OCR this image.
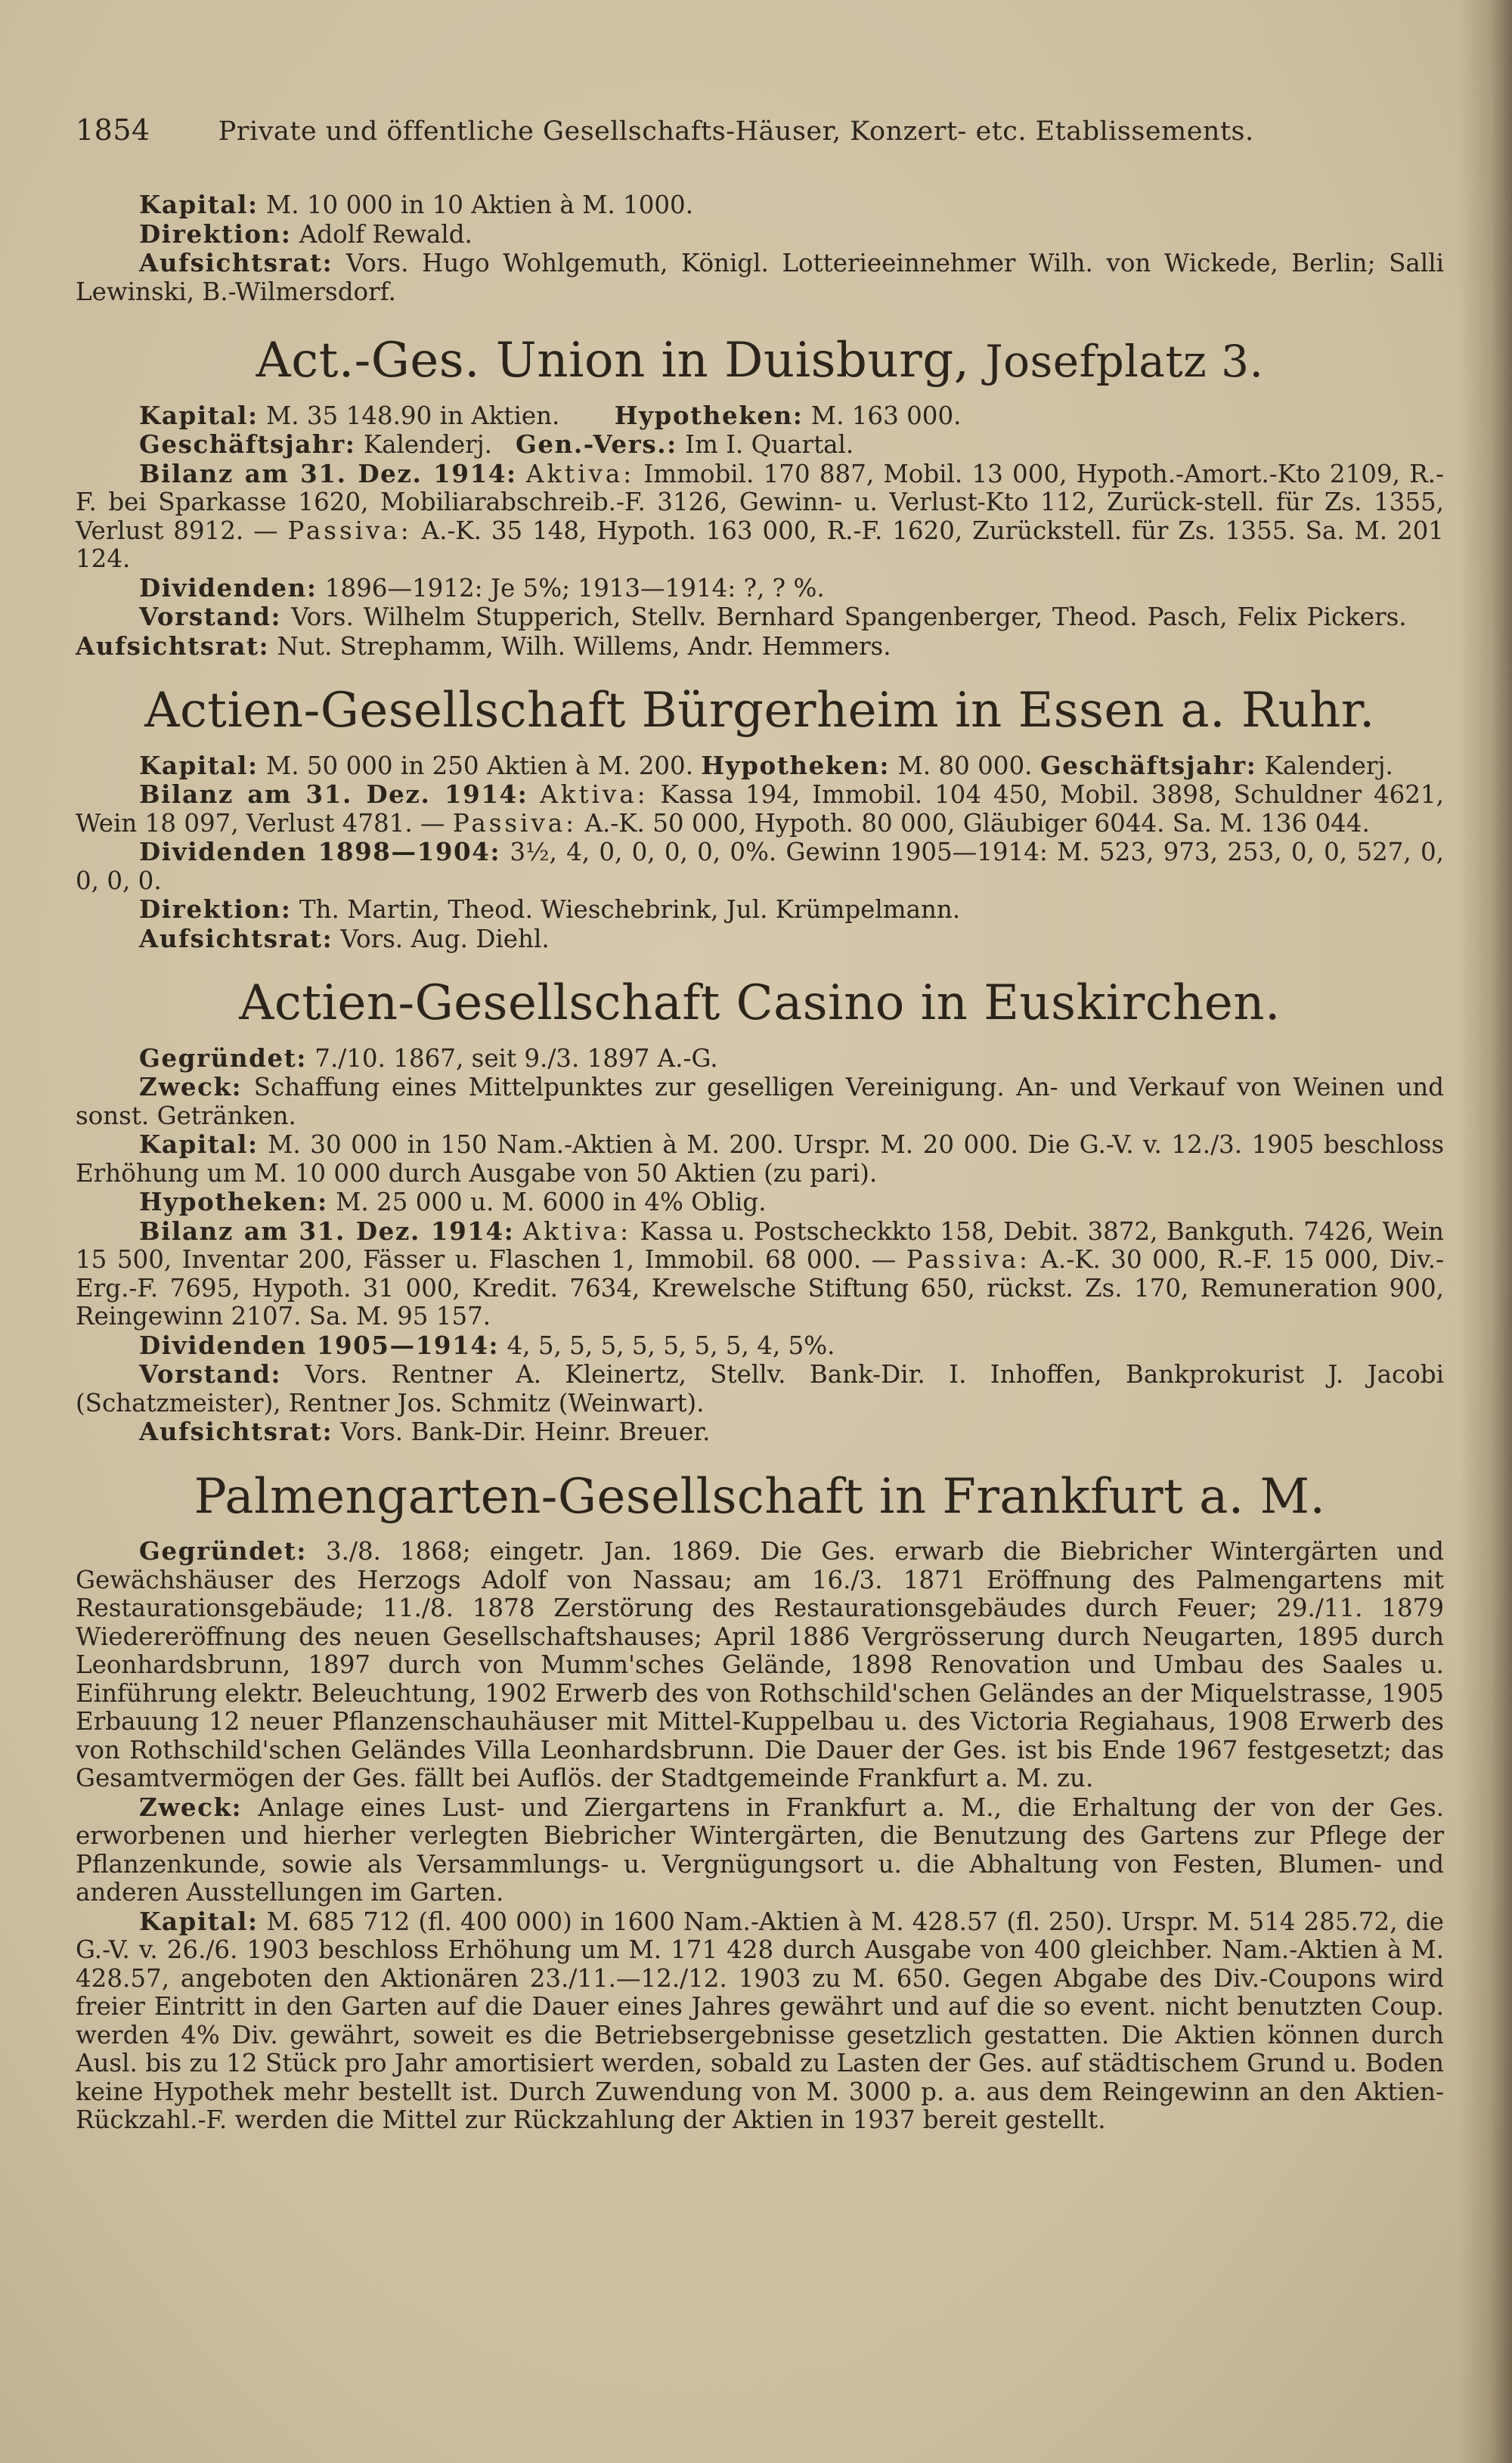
1854	Private und öffentliche Gesellschafts-Häuser, Konzert- etc. Etablissements.

Kapital: M. 10 000 in 10 Aktien à M. 1000.

Direktion: Adolf Rewald.

Aufsichtsrat: Vors. Hugo Wohlgemuth, Königl. Lotterieeinnehmer Wilh. von Wickede, Berlin; Salli Lewinski, B.-Wilmersdorf.

Act.-Ges. Union in Duisburg, Josefplatz 3.

Kapital: M. 35 148.90 in Aktien. Hypotheken: M. 163 000.

Geschäftsjahr: Kalenderj. Gen.-Vers.: Im I. Quartal.

Bilanz am 31. Dez. 1914: Aktiva: Immobil. 170 887, Mobil. 13 000, Hypoth.-Amort.-Kto 2109, R.-F. bei Sparkasse 1620, Mobiliarabschreib.-F. 3126, Gewinn- u. Verlust-Kto 112, Zurück-stell. für Zs. 1355, Verlust 8912. — Passiva: A.-K. 35 148, Hypoth. 163 000, R.-F. 1620, Zurückstell. für Zs. 1355. Sa. M. 201 124.

Dividenden: 1896—1912: Je 5%; 1913—1914: ?, ? %.

Vorstand: Vors. Wilhelm Stupperich, Stellv. Bernhard Spangenberger, Theod. Pasch, Felix Pickers.     Aufsichtsrat: Nut. Strephamm, Wilh. Willems, Andr. Hemmers.

Actien-Gesellschaft Bürgerheim in Essen a. Ruhr.

Kapital: M. 50 000 in 250 Aktien à M. 200. Hypotheken: M. 80 000. Geschäftsjahr: Kalenderj.

Bilanz am 31. Dez. 1914: Aktiva: Kassa 194, Immobil. 104 450, Mobil. 3898, Schuldner 4621, Wein 18 097, Verlust 4781. — Passiva: A.-K. 50 000, Hypoth. 80 000, Gläubiger 6044. Sa. M. 136 044.

Dividenden 1898—1904: 3½, 4, 0, 0, 0, 0, 0%. Gewinn 1905—1914: M. 523, 973, 253, 0, 0, 527, 0, 0, 0, 0.

Direktion: Th. Martin, Theod. Wieschebrink, Jul. Krümpelmann.

Aufsichtsrat: Vors. Aug. Diehl.

Actien-Gesellschaft Casino in Euskirchen.

Gegründet: 7./10. 1867, seit 9./3. 1897 A.-G.

Zweck: Schaffung eines Mittelpunktes zur geselligen Vereinigung. An- und Verkauf von Weinen und sonst. Getränken.

Kapital: M. 30 000 in 150 Nam.-Aktien à M. 200. Urspr. M. 20 000. Die G.-V. v. 12./3. 1905 beschloss Erhöhung um M. 10 000 durch Ausgabe von 50 Aktien (zu pari).

Hypotheken: M. 25 000 u. M. 6000 in 4% Oblig.

Bilanz am 31. Dez. 1914: Aktiva: Kassa u. Postscheckkto 158, Debit. 3872, Bankguth. 7426, Wein 15 500, Inventar 200, Fässer u. Flaschen 1, Immobil. 68 000. — Passiva: A.-K. 30 000, R.-F. 15 000, Div.-Erg.-F. 7695, Hypoth. 31 000, Kredit. 7634, Krewelsche Stiftung 650, rückst. Zs. 170, Remuneration 900, Reingewinn 2107. Sa. M. 95 157.

Dividenden 1905—1914: 4, 5, 5, 5, 5, 5, 5, 5, 4, 5%.

Vorstand: Vors. Rentner A. Kleinertz, Stellv. Bank-Dir. I. Inhoffen, Bankprokurist J. Jacobi (Schatzmeister), Rentner Jos. Schmitz (Weinwart).

Aufsichtsrat: Vors. Bank-Dir. Heinr. Breuer.

Palmengarten-Gesellschaft in Frankfurt a. M.

Gegründet: 3./8. 1868; eingetr. Jan. 1869. Die Ges. erwarb die Biebricher Wintergärten und Gewächshäuser des Herzogs Adolf von Nassau; am 16./3. 1871 Eröffnung des Palmengartens mit Restaurationsgebäude; 11./8. 1878 Zerstörung des Restaurationsgebäudes durch Feuer; 29./11. 1879 Wiedereröffnung des neuen Gesellschaftshauses; April 1886 Vergrösserung durch Neugarten, 1895 durch Leonhardsbrunn, 1897 durch von Mumm'sches Gelände, 1898 Renovation und Umbau des Saales u. Einführung elektr. Beleuchtung, 1902 Erwerb des von Rothschild'schen Geländes an der Miquelstrasse, 1905 Erbauung 12 neuer Pflanzenschauhäuser mit Mittel-Kuppelbau u. des Victoria Regiahaus, 1908 Erwerb des von Rothschild'schen Geländes Villa Leonhardsbrunn. Die Dauer der Ges. ist bis Ende 1967 festgesetzt; das Gesamtvermögen der Ges. fällt bei Auflös. der Stadtgemeinde Frankfurt a. M. zu.

Zweck: Anlage eines Lust- und Ziergartens in Frankfurt a. M., die Erhaltung der von der Ges. erworbenen und hierher verlegten Biebricher Wintergärten, die Benutzung des Gartens zur Pflege der Pflanzenkunde, sowie als Versammlungs- u. Vergnügungsort u. die Abhaltung von Festen, Blumen- und anderen Ausstellungen im Garten.

Kapital: M. 685 712 (fl. 400 000) in 1600 Nam.-Aktien à M. 428.57 (fl. 250). Urspr. M. 514 285.72, die G.-V. v. 26./6. 1903 beschloss Erhöhung um M. 171 428 durch Ausgabe von 400 gleichber. Nam.-Aktien à M. 428.57, angeboten den Aktionären 23./11.—12./12. 1903 zu M. 650. Gegen Abgabe des Div.-Coupons wird freier Eintritt in den Garten auf die Dauer eines Jahres gewährt und auf die so event. nicht benutzten Coup. werden 4% Div. gewährt, soweit es die Betriebsergebnisse gesetzlich gestatten. Die Aktien können durch Ausl. bis zu 12 Stück pro Jahr amortisiert werden, sobald zu Lasten der Ges. auf städtischem Grund u. Boden keine Hypothek mehr bestellt ist. Durch Zuwendung von M. 3000 p. a. aus dem Reingewinn an den Aktien-Rückzahl.-F. werden die Mittel zur Rückzahlung der Aktien in 1937 bereit gestellt.
